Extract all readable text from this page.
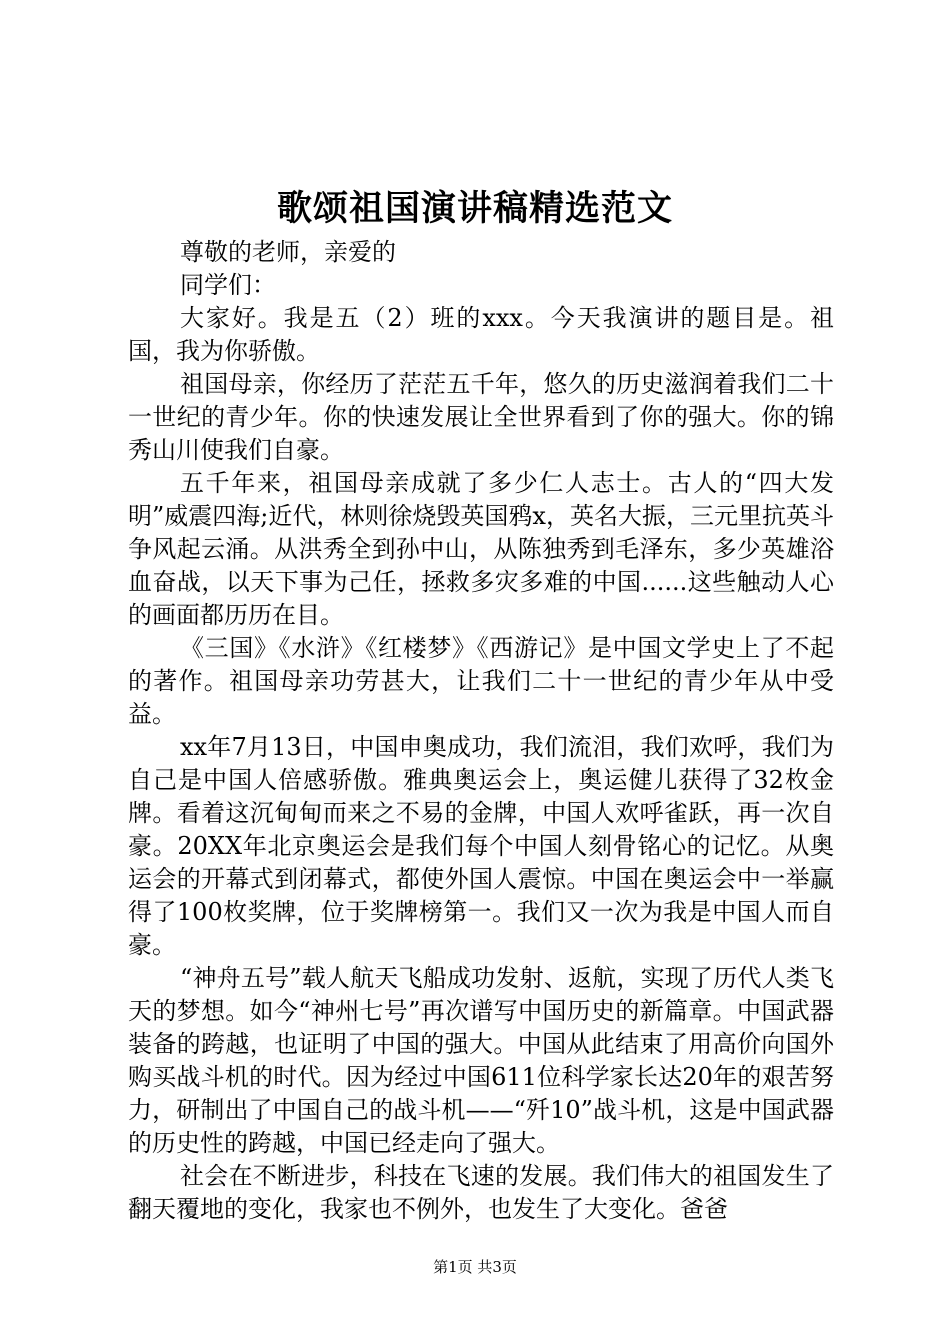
歌颂祖国演讲稿精选范文

尊敬的老师，亲爱的

同学们：

大家好。我是五（2）班的xxx。今天我演讲的题目是。祖国，我为你骄傲。

祖国母亲，你经历了茫茫五千年，悠久的历史滋润着我们二十一世纪的青少年。你的快速发展让全世界看到了你的强大。你的锦秀山川使我们自豪。

五千年来，祖国母亲成就了多少仁人志士。古人的“四大发明”威震四海;近代，林则徐烧毁英国鸦x，英名大振，三元里抗英斗争风起云涌。从洪秀全到孙中山，从陈独秀到毛泽东，多少英雄浴血奋战，以天下事为己任，拯救多灾多难的中国......这些触动人心的画面都历历在目。

《三国》《水浒》《红楼梦》《西游记》是中国文学史上了不起的著作。祖国母亲功劳甚大，让我们二十一世纪的青少年从中受益。

xx年7月13日，中国申奥成功，我们流泪，我们欢呼，我们为自己是中国人倍感骄傲。雅典奥运会上，奥运健儿获得了32枚金牌。看着这沉甸甸而来之不易的金牌，中国人欢呼雀跃，再一次自豪。20XX年北京奥运会是我们每个中国人刻骨铭心的记忆。从奥运会的开幕式到闭幕式，都使外国人震惊。中国在奥运会中一举赢得了100枚奖牌，位于奖牌榜第一。我们又一次为我是中国人而自豪。

“神舟五号”载人航天飞船成功发射、返航，实现了历代人类飞天的梦想。如今“神州七号”再次谱写中国历史的新篇章。中国武器装备的跨越，也证明了中国的强大。中国从此结束了用高价向国外购买战斗机的时代。因为经过中国611位科学家长达20年的艰苦努力，研制出了中国自己的战斗机——“歼10”战斗机，这是中国武器的历史性的跨越，中国已经走向了强大。

社会在不断进步，科技在飞速的发展。我们伟大的祖国发生了翻天覆地的变化，我家也不例外，也发生了大变化。爸爸

第1页 共3页
